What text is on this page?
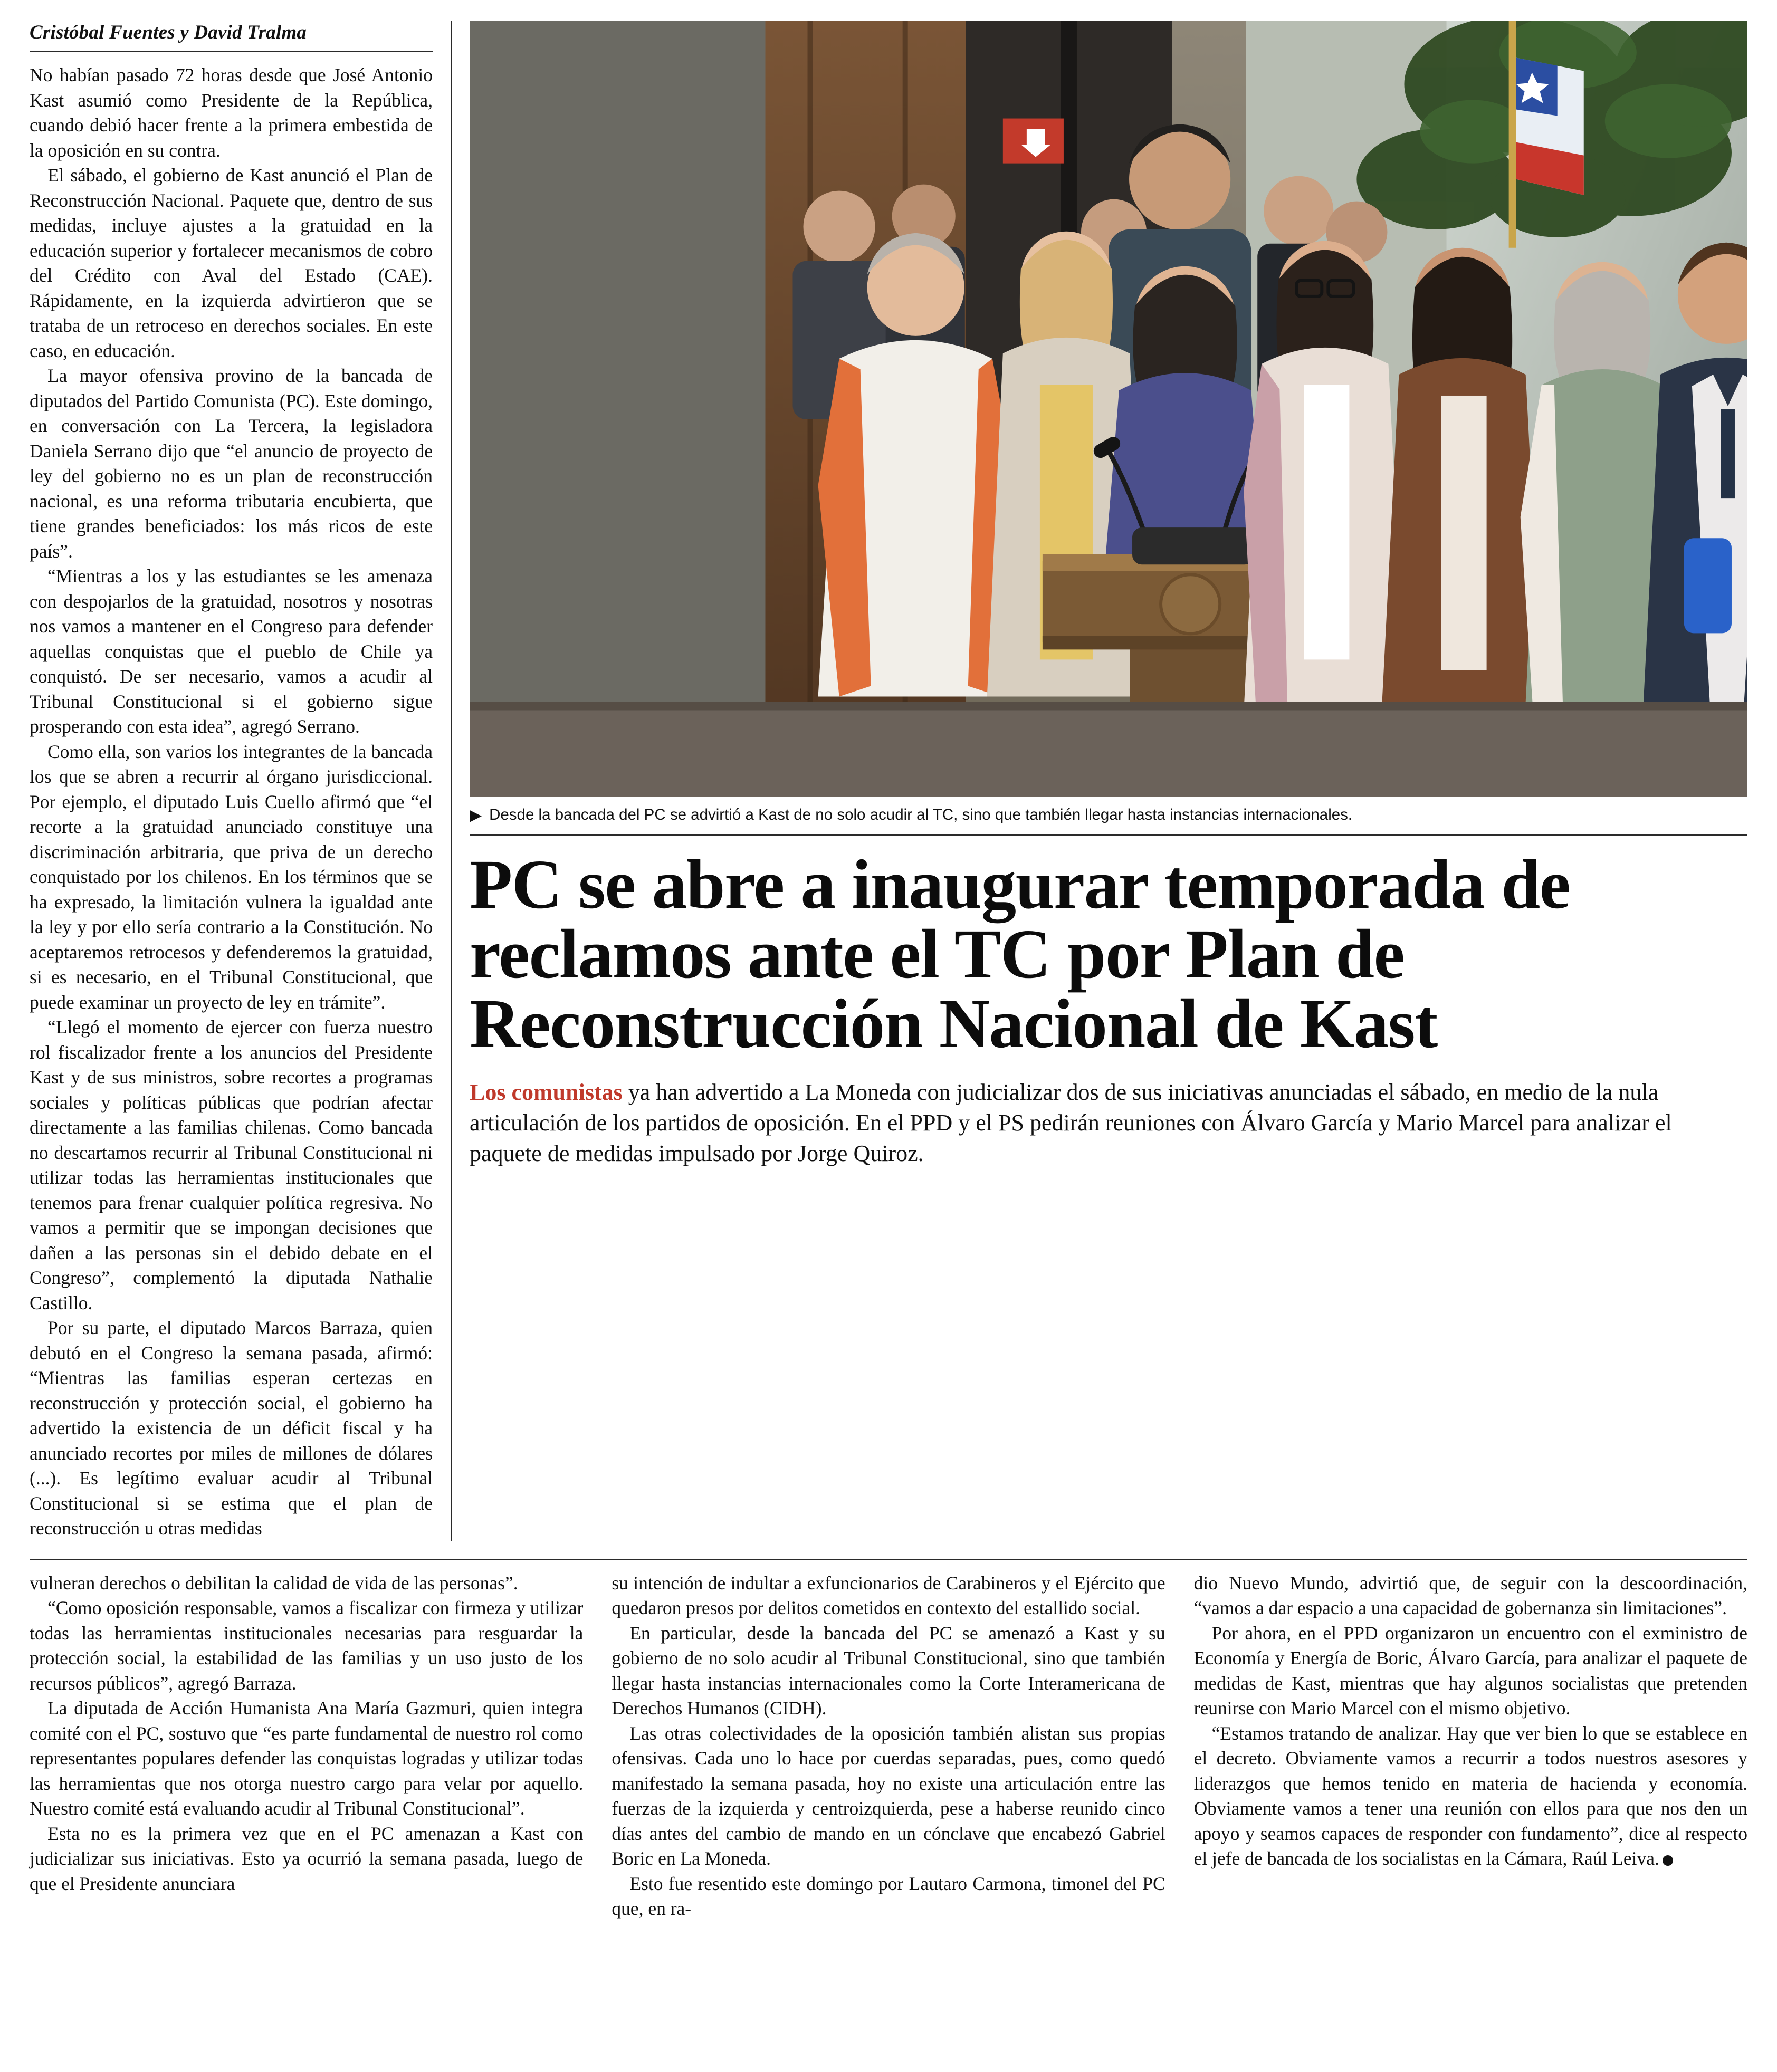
Cristóbal Fuentes y David Tralma

No habían pasado 72 horas desde que José Antonio Kast asumió como Presidente de la República, cuando debió hacer frente a la primera embestida de la oposición en su contra.

El sábado, el gobierno de Kast anunció el Plan de Reconstrucción Nacional. Paquete que, dentro de sus medidas, incluye ajustes a la gratuidad en la educación superior y fortalecer mecanismos de cobro del Crédito con Aval del Estado (CAE). Rápidamente, en la izquierda advirtieron que se trataba de un retroceso en derechos sociales. En este caso, en educación.

La mayor ofensiva provino de la bancada de diputados del Partido Comunista (PC). Este domingo, en conversación con La Tercera, la legisladora Daniela Serrano dijo que “el anuncio de proyecto de ley del gobierno no es un plan de reconstrucción nacional, es una reforma tributaria encubierta, que tiene grandes beneficiados: los más ricos de este país”.

“Mientras a los y las estudiantes se les amenaza con despojarlos de la gratuidad, nosotros y nosotras nos vamos a mantener en el Congreso para defender aquellas conquistas que el pueblo de Chile ya conquistó. De ser necesario, vamos a acudir al Tribunal Constitucional si el gobierno sigue prosperando con esta idea”, agregó Serrano.

Como ella, son varios los integrantes de la bancada los que se abren a recurrir al órgano jurisdiccional. Por ejemplo, el diputado Luis Cuello afirmó que “el recorte a la gratuidad anunciado constituye una discriminación arbitraria, que priva de un derecho conquistado por los chilenos. En los términos que se ha expresado, la limitación vulnera la igualdad ante la ley y por ello sería contrario a la Constitución. No aceptaremos retrocesos y defenderemos la gratuidad, si es necesario, en el Tribunal Constitucional, que puede examinar un proyecto de ley en trámite”.

“Llegó el momento de ejercer con fuerza nuestro rol fiscalizador frente a los anuncios del Presidente Kast y de sus ministros, sobre recortes a programas sociales y políticas públicas que podrían afectar directamente a las familias chilenas. Como bancada no descartamos recurrir al Tribunal Constitucional ni utilizar todas las herramientas institucionales que tenemos para frenar cualquier política regresiva. No vamos a permitir que se impongan decisiones que dañen a las personas sin el debido debate en el Congreso”, complementó la diputada Nathalie Castillo.

Por su parte, el diputado Marcos Barraza, quien debutó en el Congreso la semana pasada, afirmó: “Mientras las familias esperan certezas en reconstrucción y protección social, el gobierno ha advertido la existencia de un déficit fiscal y ha anunciado recortes por miles de millones de dólares (...). Es legítimo evaluar acudir al Tribunal Constitucional si se estima que el plan de reconstrucción u otras medidas

▶ Desde la bancada del PC se advirtió a Kast de no solo acudir al TC, sino que también llegar hasta instancias internacionales.
PC se abre a inaugurar temporada de reclamos ante el TC por Plan de Reconstrucción Nacional de Kast
Los comunistas ya han advertido a La Moneda con judicializar dos de sus iniciativas anunciadas el sábado, en medio de la nula articulación de los partidos de oposición. En el PPD y el PS pedirán reuniones con Álvaro García y Mario Marcel para analizar el paquete de medidas impulsado por Jorge Quiroz.

vulneran derechos o debilitan la calidad de vida de las personas”.

“Como oposición responsable, vamos a fiscalizar con firmeza y utilizar todas las herramientas institucionales necesarias para resguardar la protección social, la estabilidad de las familias y un uso justo de los recursos públicos”, agregó Barraza.

La diputada de Acción Humanista Ana María Gazmuri, quien integra comité con el PC, sostuvo que “es parte fundamental de nuestro rol como representantes populares defender las conquistas logradas y utilizar todas las herramientas que nos otorga nuestro cargo para velar por aquello. Nuestro comité está evaluando acudir al Tribunal Constitucional”.

Esta no es la primera vez que en el PC amenazan a Kast con judicializar sus iniciativas. Esto ya ocurrió la semana pasada, luego de que el Presidente anunciara

su intención de indultar a exfuncionarios de Carabineros y el Ejército que quedaron presos por delitos cometidos en contexto del estallido social.

En particular, desde la bancada del PC se amenazó a Kast y su gobierno de no solo acudir al Tribunal Constitucional, sino que también llegar hasta instancias internacionales como la Corte Interamericana de Derechos Humanos (CIDH).

Las otras colectividades de la oposición también alistan sus propias ofensivas. Cada uno lo hace por cuerdas separadas, pues, como quedó manifestado la semana pasada, hoy no existe una articulación entre las fuerzas de la izquierda y centroizquierda, pese a haberse reunido cinco días antes del cambio de mando en un cónclave que encabezó Gabriel Boric en La Moneda.

Esto fue resentido este domingo por Lautaro Carmona, timonel del PC que, en ra-

dio Nuevo Mundo, advirtió que, de seguir con la descoordinación, “vamos a dar espacio a una capacidad de gobernanza sin limitaciones”.

Por ahora, en el PPD organizaron un encuentro con el exministro de Economía y Energía de Boric, Álvaro García, para analizar el paquete de medidas de Kast, mientras que hay algunos socialistas que pretenden reunirse con Mario Marcel con el mismo objetivo.

“Estamos tratando de analizar. Hay que ver bien lo que se establece en el decreto. Obviamente vamos a recurrir a todos nuestros asesores y liderazgos que hemos tenido en materia de hacienda y economía. Obviamente vamos a tener una reunión con ellos para que nos den un apoyo y seamos capaces de responder con fundamento”, dice al respecto el jefe de bancada de los socialistas en la Cámara, Raúl Leiva.
